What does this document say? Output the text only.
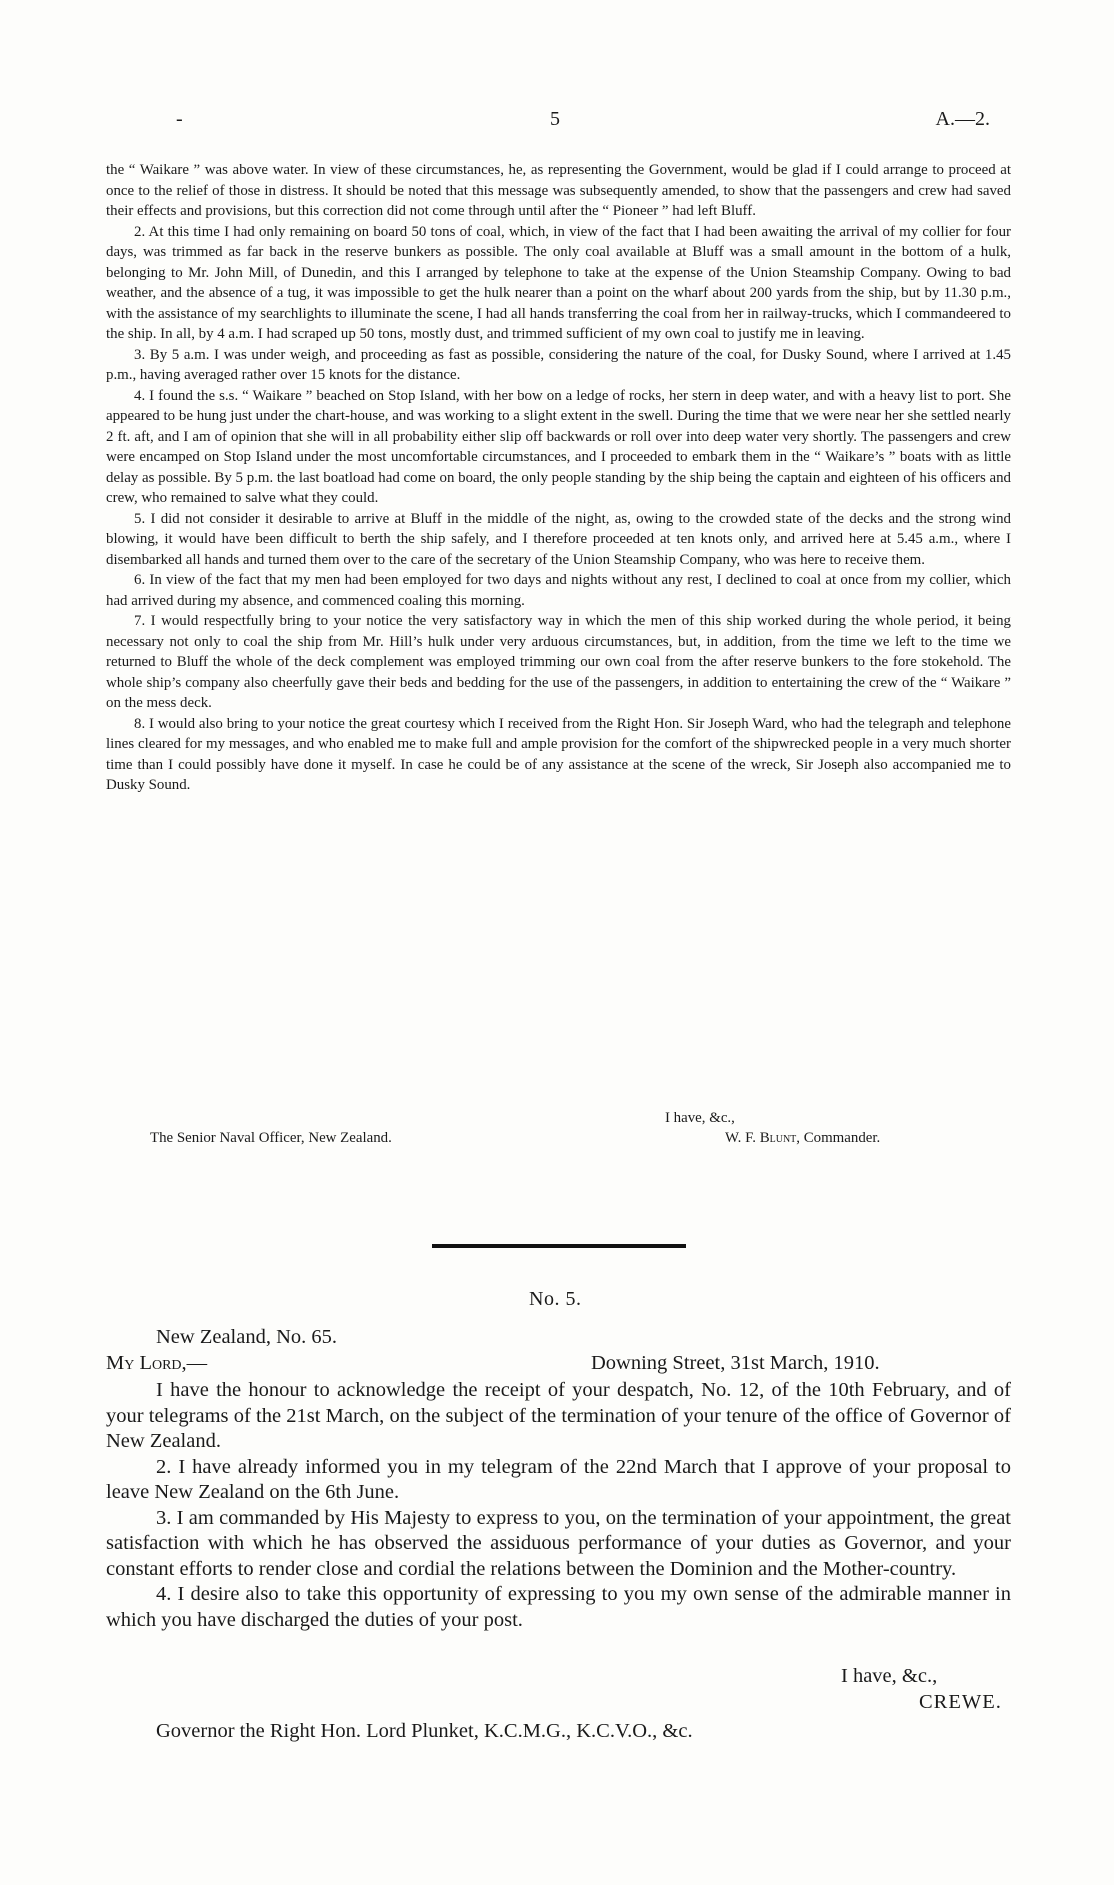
-	5	A.—2.

the “ Waikare ” was above water. In view of these circumstances, he, as representing the Government, would be glad if I could arrange to proceed at once to the relief of those in distress. It should be noted that this message was subsequently amended, to show that the passengers and crew had saved their effects and provisions, but this correction did not come through until after the “ Pioneer ” had left Bluff.

2. At this time I had only remaining on board 50 tons of coal, which, in view of the fact that I had been awaiting the arrival of my collier for four days, was trimmed as far back in the reserve bunkers as possible. The only coal available at Bluff was a small amount in the bottom of a hulk, belonging to Mr. John Mill, of Dunedin, and this I arranged by telephone to take at the expense of the Union Steamship Company. Owing to bad weather, and the absence of a tug, it was impossible to get the hulk nearer than a point on the wharf about 200 yards from the ship, but by 11.30 p.m., with the assistance of my searchlights to illuminate the scene, I had all hands transferring the coal from her in railway-trucks, which I commandeered to the ship. In all, by 4 a.m. I had scraped up 50 tons, mostly dust, and trimmed sufficient of my own coal to justify me in leaving.

3. By 5 a.m. I was under weigh, and proceeding as fast as possible, considering the nature of the coal, for Dusky Sound, where I arrived at 1.45 p.m., having averaged rather over 15 knots for the distance.

4. I found the s.s. “ Waikare ” beached on Stop Island, with her bow on a ledge of rocks, her stern in deep water, and with a heavy list to port. She appeared to be hung just under the chart-house, and was working to a slight extent in the swell. During the time that we were near her she settled nearly 2 ft. aft, and I am of opinion that she will in all probability either slip off backwards or roll over into deep water very shortly. The passengers and crew were encamped on Stop Island under the most uncomfortable circumstances, and I proceeded to embark them in the “ Waikare’s ” boats with as little delay as possible. By 5 p.m. the last boatload had come on board, the only people standing by the ship being the captain and eighteen of his officers and crew, who remained to salve what they could.

5. I did not consider it desirable to arrive at Bluff in the middle of the night, as, owing to the crowded state of the decks and the strong wind blowing, it would have been difficult to berth the ship safely, and I therefore proceeded at ten knots only, and arrived here at 5.45 a.m., where I disembarked all hands and turned them over to the care of the secretary of the Union Steamship Company, who was here to receive them.

6. In view of the fact that my men had been employed for two days and nights without any rest, I declined to coal at once from my collier, which had arrived during my absence, and commenced coaling this morning.

7. I would respectfully bring to your notice the very satisfactory way in which the men of this ship worked during the whole period, it being necessary not only to coal the ship from Mr. Hill’s hulk under very arduous circumstances, but, in addition, from the time we left to the time we returned to Bluff the whole of the deck complement was employed trimming our own coal from the after reserve bunkers to the fore stokehold. The whole ship’s company also cheerfully gave their beds and bedding for the use of the passengers, in addition to entertaining the crew of the “ Waikare ” on the mess deck.

8. I would also bring to your notice the great courtesy which I received from the Right Hon. Sir Joseph Ward, who had the telegraph and telephone lines cleared for my messages, and who enabled me to make full and ample provision for the comfort of the shipwrecked people in a very much shorter time than I could possibly have done it myself. In case he could be of any assistance at the scene of the wreck, Sir Joseph also accompanied me to Dusky Sound.

I have, &c.,
The Senior Naval Officer, New Zealand.	W. F. Blunt, Commander.
No. 5.
New Zealand, No. 65.
My Lord,—	Downing Street, 31st March, 1910.

I have the honour to acknowledge the receipt of your despatch, No. 12, of the 10th February, and of your telegrams of the 21st March, on the subject of the termination of your tenure of the office of Governor of New Zealand.

2. I have already informed you in my telegram of the 22nd March that I approve of your proposal to leave New Zealand on the 6th June.

3. I am commanded by His Majesty to express to you, on the termination of your appointment, the great satisfaction with which he has observed the assiduous performance of your duties as Governor, and your constant efforts to render close and cordial the relations between the Dominion and the Mother-country.

4. I desire also to take this opportunity of expressing to you my own sense of the admirable manner in which you have discharged the duties of your post.

I have, &c.,
CREWE.
Governor the Right Hon. Lord Plunket, K.C.M.G., K.C.V.O., &c.
